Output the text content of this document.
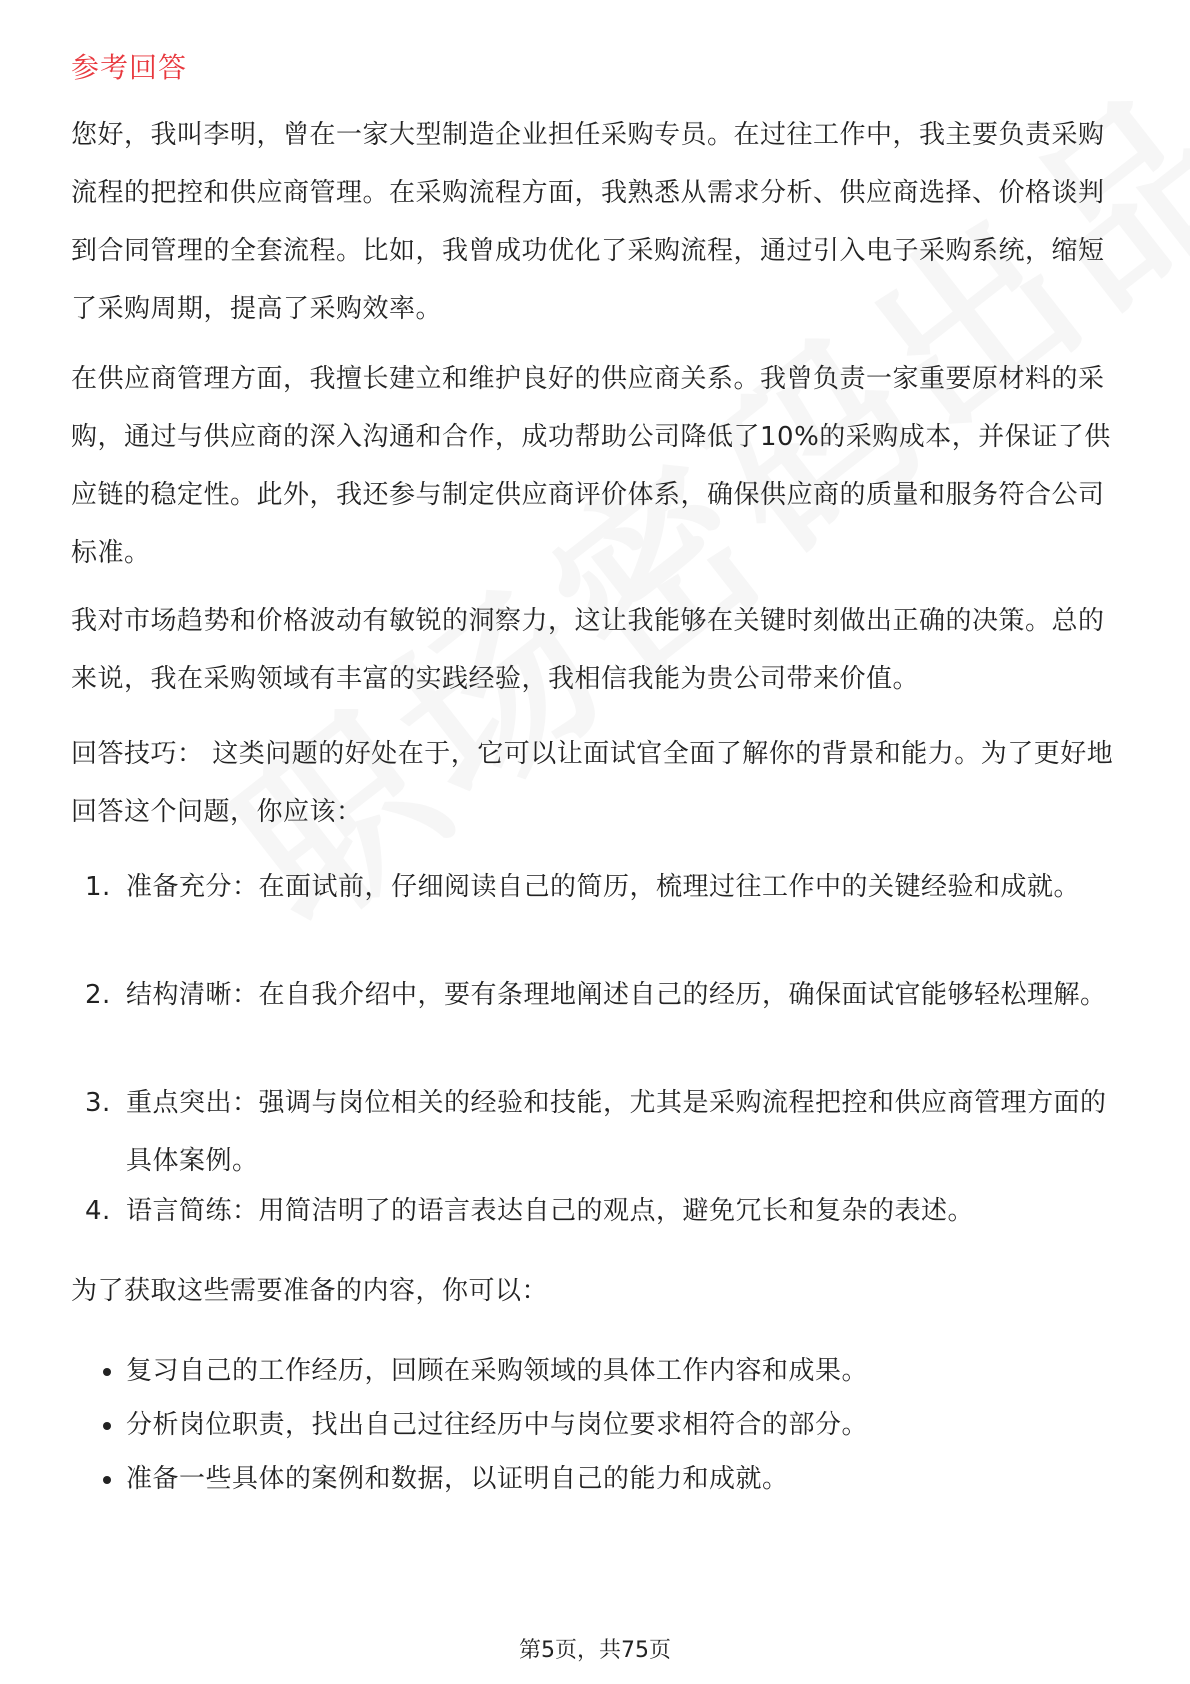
参考回答

您好，我叫李明，曾在一家大型制造企业担任采购专员。在过往工作中，我主要负责采购流程的把控和供应商管理。在采购流程方面，我熟悉从需求分析、供应商选择、价格谈判到合同管理的全套流程。比如，我曾成功优化了采购流程，通过引入电子采购系统，缩短了采购周期，提高了采购效率。

在供应商管理方面，我擅长建立和维护良好的供应商关系。我曾负责一家重要原材料的采购，通过与供应商的深入沟通和合作，成功帮助公司降低了10%的采购成本，并保证了供应链的稳定性。此外，我还参与制定供应商评价体系，确保供应商的质量和服务符合公司标准。

我对市场趋势和价格波动有敏锐的洞察力，这让我能够在关键时刻做出正确的决策。总的来说，我在采购领域有丰富的实践经验，我相信我能为贵公司带来价值。

回答技巧： 这类问题的好处在于，它可以让面试官全面了解你的背景和能力。为了更好地回答这个问题，你应该：

1. 准备充分：在面试前，仔细阅读自己的简历，梳理过往工作中的关键经验和成就。
2. 结构清晰：在自我介绍中，要有条理地阐述自己的经历，确保面试官能够轻松理解。
3. 重点突出：强调与岗位相关的经验和技能，尤其是采购流程把控和供应商管理方面的具体案例。
4. 语言简练：用简洁明了的语言表达自己的观点，避免冗长和复杂的表述。

为了获取这些需要准备的内容，你可以：

复习自己的工作经历，回顾在采购领域的具体工作内容和成果。
分析岗位职责，找出自己过往经历中与岗位要求相符合的部分。
准备一些具体的案例和数据，以证明自己的能力和成就。
第5页，共75页
